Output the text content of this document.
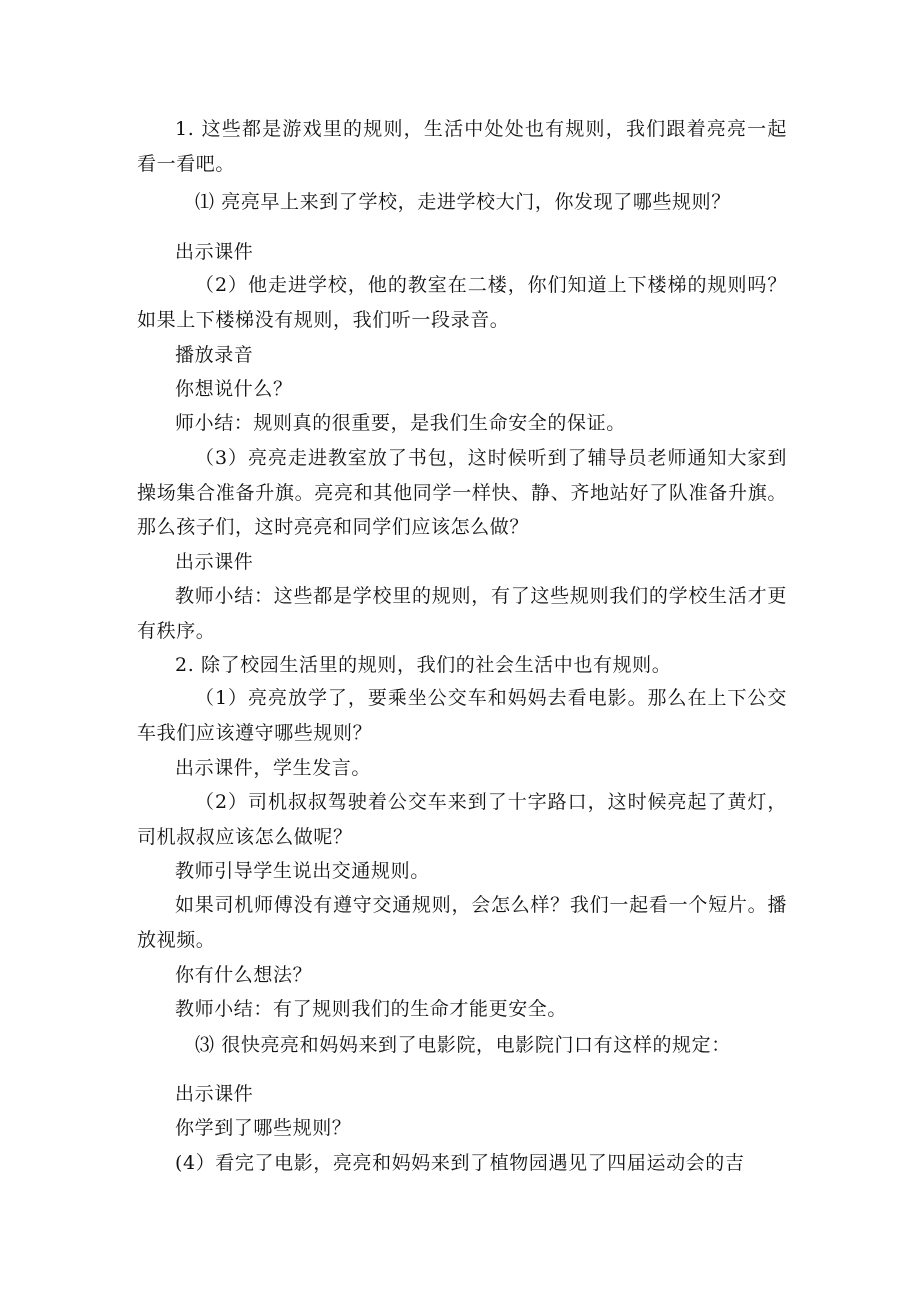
1. 这些都是游戏里的规则，生活中处处也有规则，我们跟着亮亮一起看一看吧。

⑴ 亮亮早上来到了学校，走进学校大门，你发现了哪些规则？

出示课件

（2）他走进学校，他的教室在二楼，你们知道上下楼梯的规则吗？如果上下楼梯没有规则，我们听一段录音。

播放录音

你想说什么？

师小结：规则真的很重要，是我们生命安全的保证。

（3）亮亮走进教室放了书包，这时候听到了辅导员老师通知大家到操场集合准备升旗。亮亮和其他同学一样快、静、齐地站好了队准备升旗。那么孩子们，这时亮亮和同学们应该怎么做？

出示课件

教师小结：这些都是学校里的规则，有了这些规则我们的学校生活才更有秩序。

2. 除了校园生活里的规则，我们的社会生活中也有规则。

（1）亮亮放学了，要乘坐公交车和妈妈去看电影。那么在上下公交车我们应该遵守哪些规则？

出示课件，学生发言。

（2）司机叔叔驾驶着公交车来到了十字路口，这时候亮起了黄灯，司机叔叔应该怎么做呢？

教师引导学生说出交通规则。

如果司机师傅没有遵守交通规则，会怎么样？我们一起看一个短片。播放视频。

你有什么想法？

教师小结：有了规则我们的生命才能更安全。

⑶ 很快亮亮和妈妈来到了电影院，电影院门口有这样的规定：

出示课件

你学到了哪些规则？

(4）看完了电影，亮亮和妈妈来到了植物园遇见了四届运动会的吉
